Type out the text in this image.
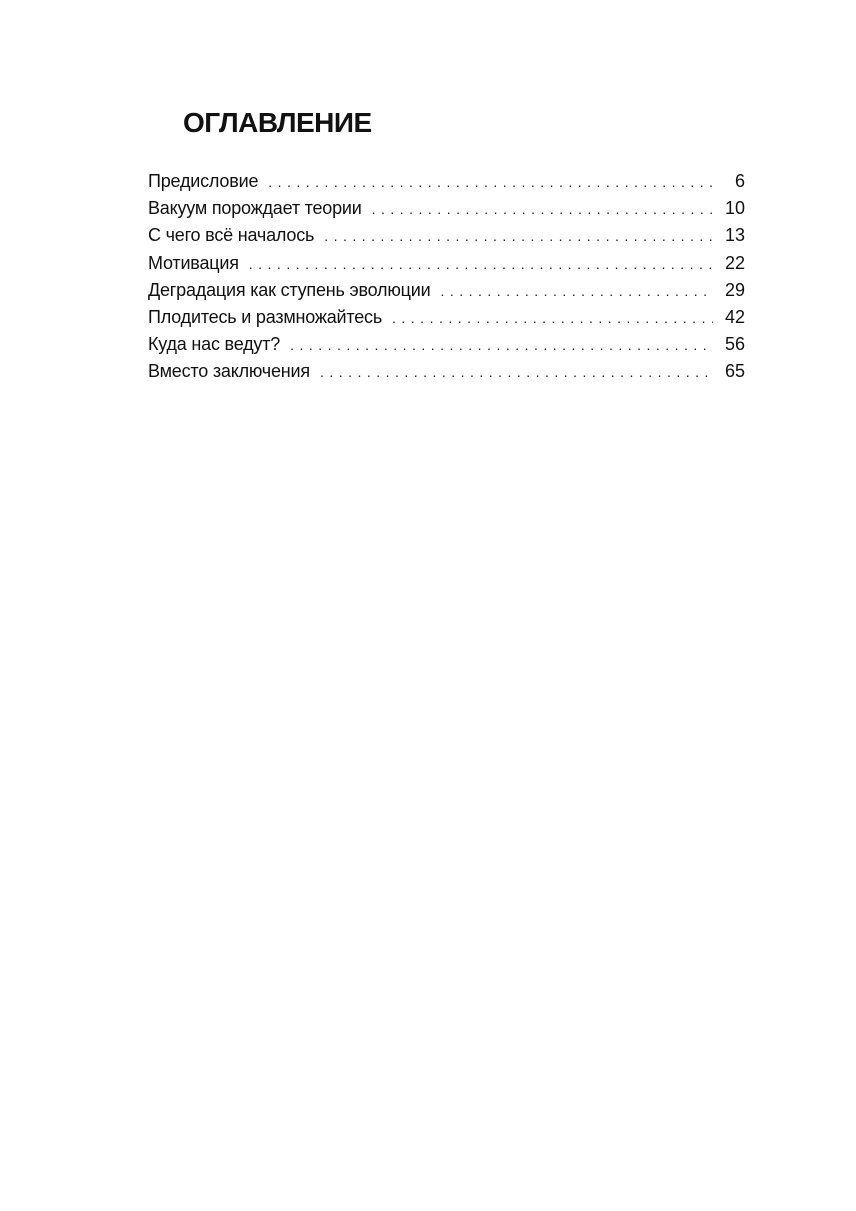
ОГЛАВЛЕНИЕ
Предисловие . . .	6
Вакуум порождает теории . . .	10
С чего всё началось . . .	13
Мотивация . . .	22
Деградация как ступень эволюции . . .	29
Плодитесь и размножайтесь . . .	42
Куда нас ведут? . . .	56
Вместо заключения . . .	65
